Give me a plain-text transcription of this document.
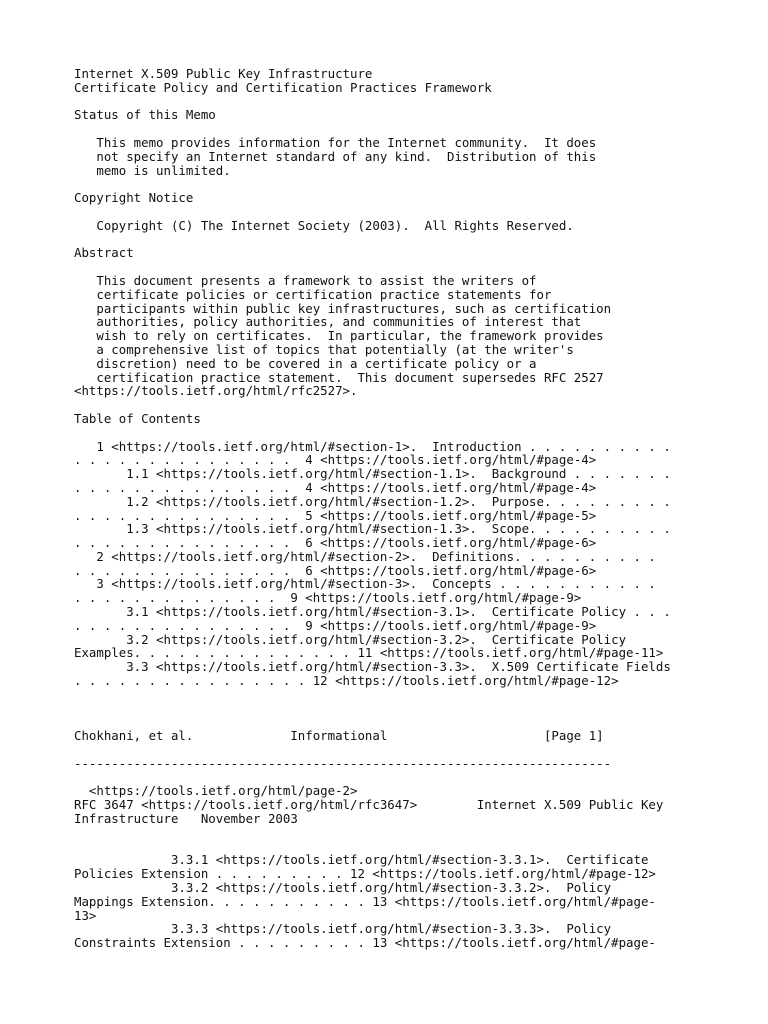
Internet X.509 Public Key Infrastructure
Certificate Policy and Certification Practices Framework
Status of this Memo
This memo provides information for the Internet community.  It does
not specify an Internet standard of any kind.  Distribution of this
memo is unlimited.
Copyright Notice
Copyright (C) The Internet Society (2003).  All Rights Reserved.
Abstract
This document presents a framework to assist the writers of
certificate policies or certification practice statements for
participants within public key infrastructures, such as certification
authorities, policy authorities, and communities of interest that
wish to rely on certificates.  In particular, the framework provides
a comprehensive list of topics that potentially (at the writer's
discretion) need to be covered in a certificate policy or a
certification practice statement.  This document supersedes RFC 2527
<https://tools.ietf.org/html/rfc2527>.
Table of Contents
1 <https://tools.ietf.org/html/#section-1>.  Introduction . . . . . . . . . .
. . . . . . . . . . . . . . .  4 <https://tools.ietf.org/html/#page-4>
1.1 <https://tools.ietf.org/html/#section-1.1>.  Background . . . . . . .
. . . . . . . . . . . . . . .  4 <https://tools.ietf.org/html/#page-4>
1.2 <https://tools.ietf.org/html/#section-1.2>.  Purpose. . . . . . . . .
. . . . . . . . . . . . . . .  5 <https://tools.ietf.org/html/#page-5>
1.3 <https://tools.ietf.org/html/#section-1.3>.  Scope. . . . . . . . . .
. . . . . . . . . . . . . . .  6 <https://tools.ietf.org/html/#page-6>
2 <https://tools.ietf.org/html/#section-2>.  Definitions. . . . . . . . . .
. . . . . . . . . . . . . . .  6 <https://tools.ietf.org/html/#page-6>
3 <https://tools.ietf.org/html/#section-3>.  Concepts . . . . . . . . . . .
. . . . . . . . . . . . . .  9 <https://tools.ietf.org/html/#page-9>
3.1 <https://tools.ietf.org/html/#section-3.1>.  Certificate Policy . . .
. . . . . . . . . . . . . . .  9 <https://tools.ietf.org/html/#page-9>
3.2 <https://tools.ietf.org/html/#section-3.2>.  Certificate Policy
Examples. . . . . . . . . . . . . . . 11 <https://tools.ietf.org/html/#page-11>
3.3 <https://tools.ietf.org/html/#section-3.3>.  X.509 Certificate Fields
. . . . . . . . . . . . . . . . 12 <https://tools.ietf.org/html/#page-12>
Chokhani, et al.             Informational                     [Page 1]
------------------------------------------------------------------------
<https://tools.ietf.org/html/page-2>
RFC 3647 <https://tools.ietf.org/html/rfc3647>        Internet X.509 Public Key
Infrastructure   November 2003
3.3.1 <https://tools.ietf.org/html/#section-3.3.1>.  Certificate
Policies Extension . . . . . . . . . 12 <https://tools.ietf.org/html/#page-12>
3.3.2 <https://tools.ietf.org/html/#section-3.3.2>.  Policy
Mappings Extension. . . . . . . . . . . 13 <https://tools.ietf.org/html/#page-
13>
3.3.3 <https://tools.ietf.org/html/#section-3.3.3>.  Policy
Constraints Extension . . . . . . . . . 13 <https://tools.ietf.org/html/#page-
